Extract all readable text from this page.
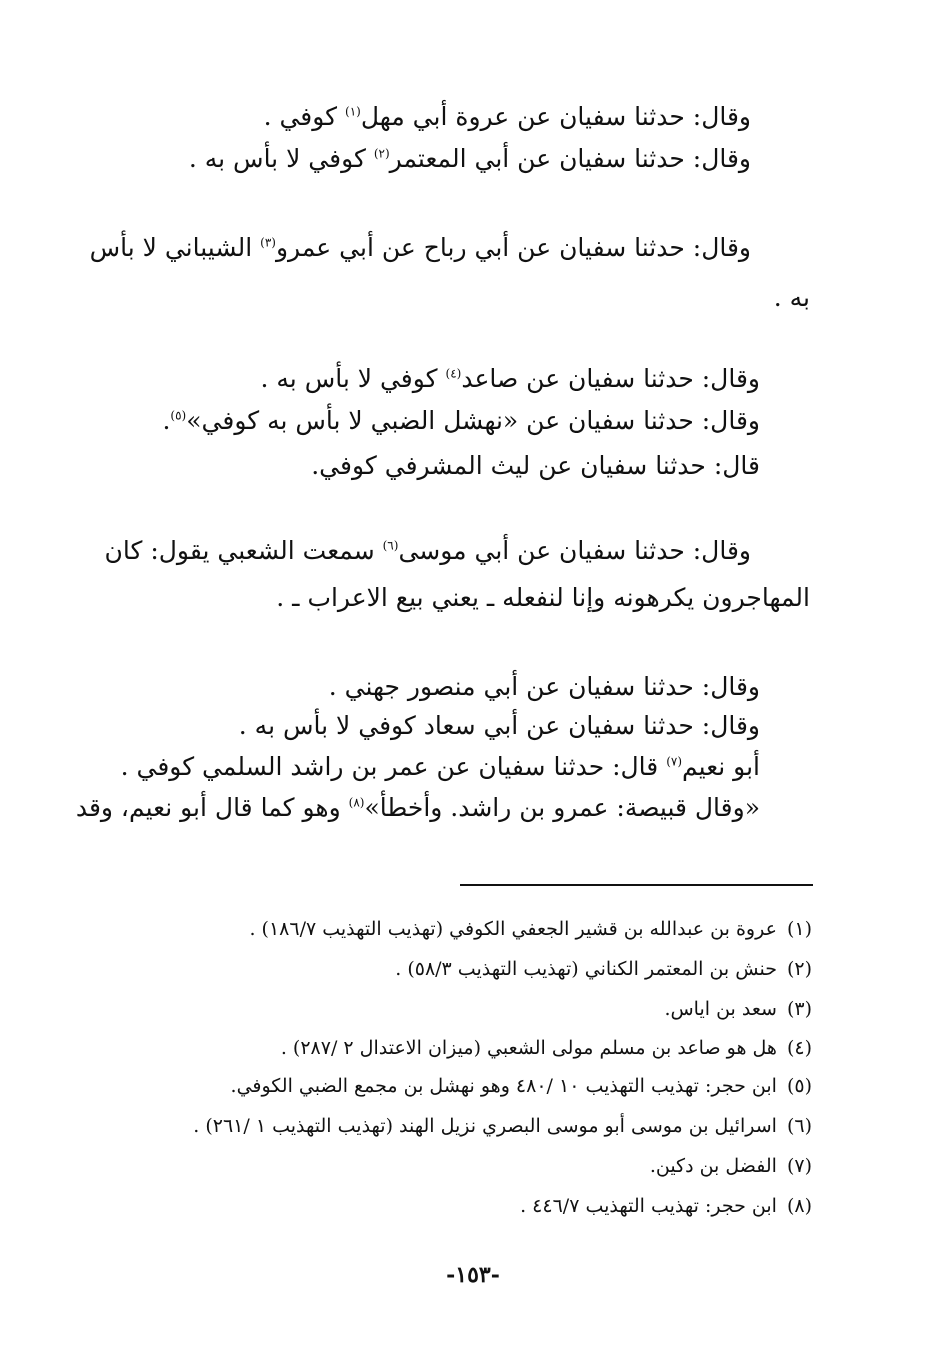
وقال: حدثنا سفيان عن عروة أبي مهل$^{(١)}$ كوفي .
وقال: حدثنا سفيان عن أبي المعتمر$^{(٢)}$ كوفي لا بأس به .
وقال: حدثنا سفيان عن أبي رباح عن أبي عمرو$^{(٣)}$ الشيباني لا بأس
به .
وقال: حدثنا سفيان عن صاعد$^{(٤)}$ كوفي لا بأس به .
وقال: حدثنا سفيان عن «نهشل الضبي لا بأس به كوفي»$^{(٥)}$.
قال: حدثنا سفيان عن ليث المشرفي كوفي.
وقال: حدثنا سفيان عن أبي موسى$^{(٦)}$ سمعت الشعبي يقول: كان
المهاجرون يكرهونه وإنا لنفعله ـ يعني بيع الاعراب ـ .
وقال: حدثنا سفيان عن أبي منصور جهني .
وقال: حدثنا سفيان عن أبي سعاد كوفي لا بأس به .
أبو نعيم$^{(٧)}$ قال: حدثنا سفيان عن عمر بن راشد السلمي كوفي .
«وقال قبيصة: عمرو بن راشد. وأخطأ»$^{(٨)}$ وهو كما قال أبو نعيم، وقد
(١)عروة بن عبدالله بن قشير الجعفي الكوفي (تهذيب التهذيب ١٨٦/٧) .
(٢)حنش بن المعتمر الكناني (تهذيب التهذيب ٥٨/٣) .
(٣)سعد بن اياس.
(٤)هل هو صاعد بن مسلم مولى الشعبي (ميزان الاعتدال ٢ /٢٨٧) .
(٥)ابن حجر: تهذيب التهذيب ١٠ /٤٨٠ وهو نهشل بن مجمع الضبي الكوفي.
(٦)اسرائيل بن موسى أبو موسى البصري نزيل الهند (تهذيب التهذيب ١ /٢٦١) .
(٧)الفضل بن دكين.
(٨)ابن حجر: تهذيب التهذيب ٤٤٦/٧ .
-١٥٣-
